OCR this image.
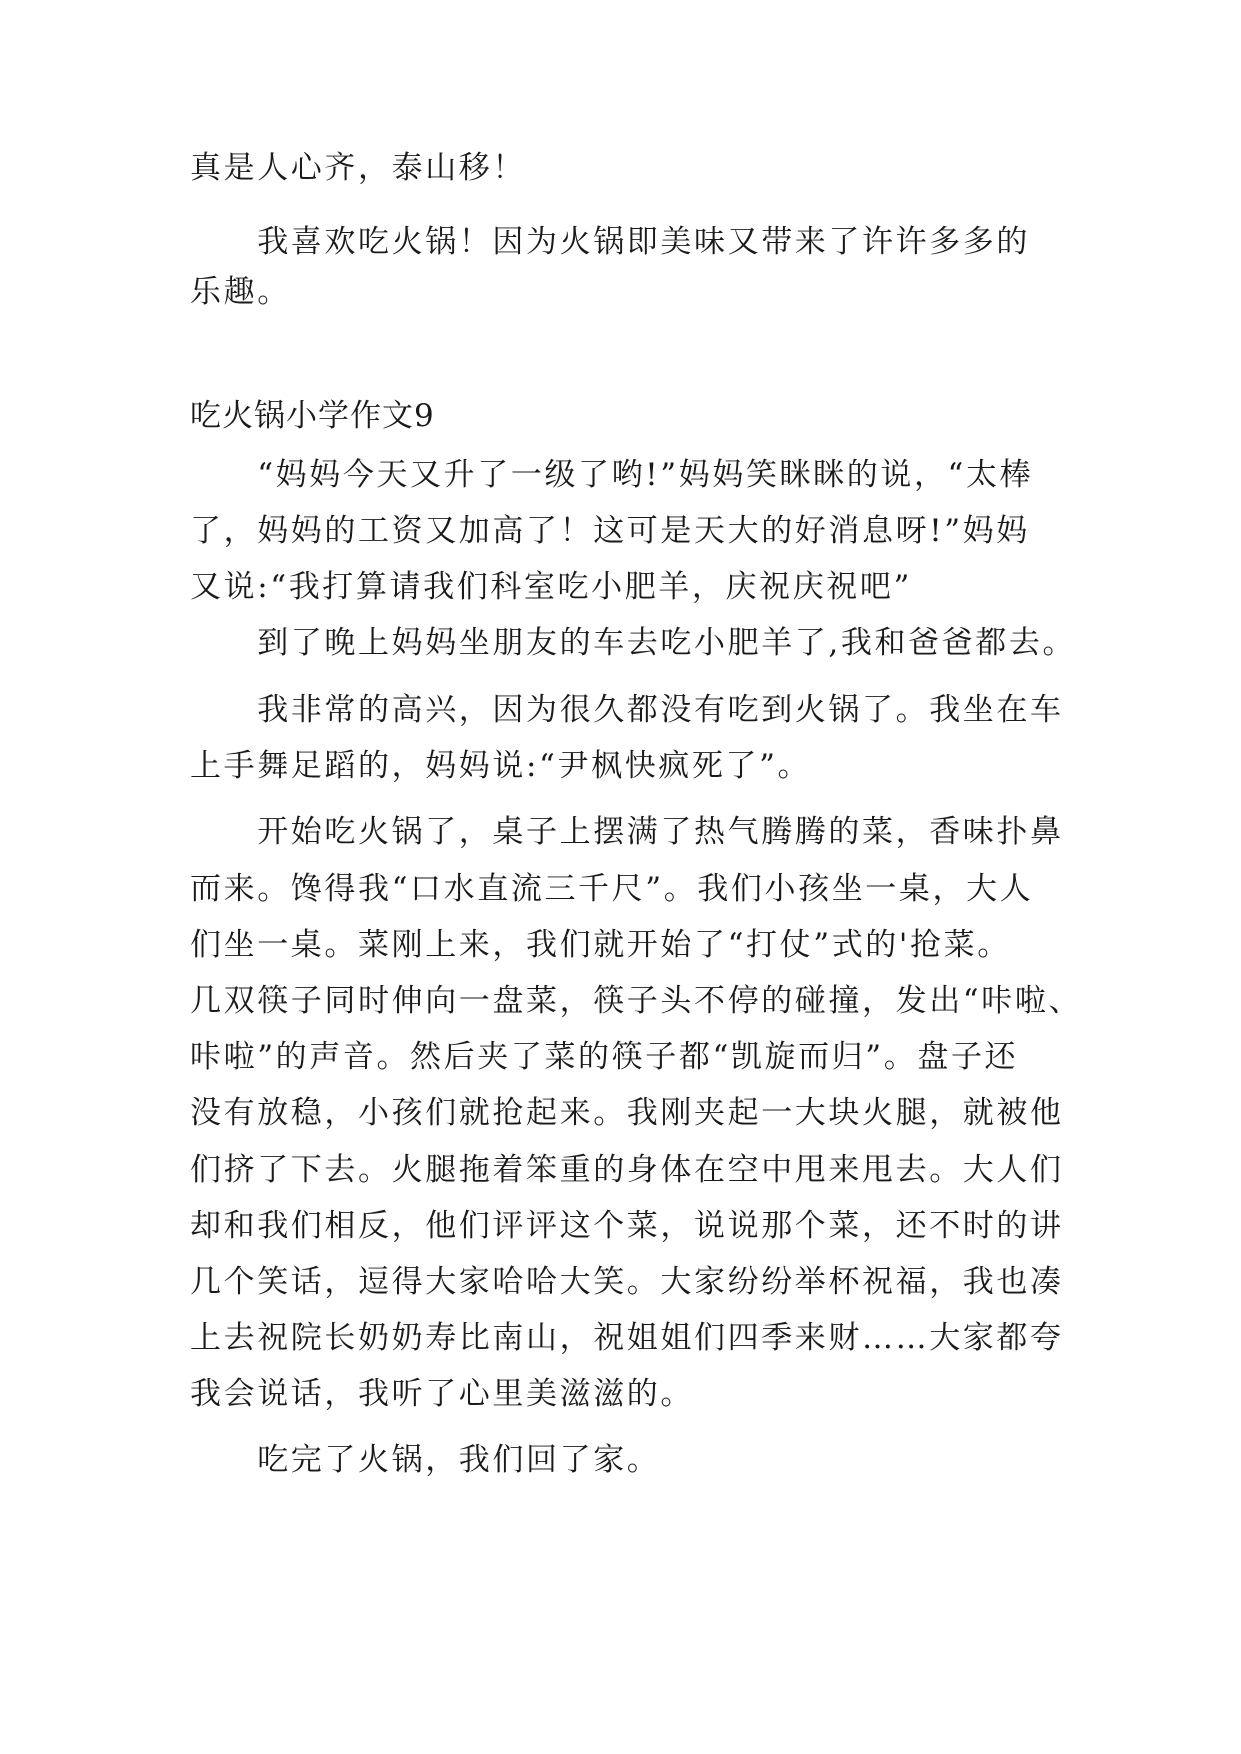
真是人心齐，泰山移！
　　我喜欢吃火锅！因为火锅即美味又带来了许许多多的
乐趣。
吃火锅小学作文9
　　“妈妈今天又升了一级了哟!”妈妈笑眯眯的说，“太棒
了，妈妈的工资又加高了！这可是天大的好消息呀!”妈妈
又说:“我打算请我们科室吃小肥羊，庆祝庆祝吧”
　　到了晚上妈妈坐朋友的车去吃小肥羊了,我和爸爸都去。
　　我非常的高兴，因为很久都没有吃到火锅了。我坐在车
上手舞足蹈的，妈妈说:“尹枫快疯死了”。
　　开始吃火锅了，桌子上摆满了热气腾腾的菜，香味扑鼻
而来。馋得我“口水直流三千尺”。我们小孩坐一桌，大人
们坐一桌。菜刚上来，我们就开始了“打仗”式的'抢菜。
几双筷子同时伸向一盘菜，筷子头不停的碰撞，发出“咔啦、
咔啦”的声音。然后夹了菜的筷子都“凯旋而归”。盘子还
没有放稳，小孩们就抢起来。我刚夹起一大块火腿，就被他
们挤了下去。火腿拖着笨重的身体在空中甩来甩去。大人们
却和我们相反，他们评评这个菜，说说那个菜，还不时的讲
几个笑话，逗得大家哈哈大笑。大家纷纷举杯祝福，我也凑
上去祝院长奶奶寿比南山，祝姐姐们四季来财……大家都夸
我会说话，我听了心里美滋滋的。
　　吃完了火锅，我们回了家。
